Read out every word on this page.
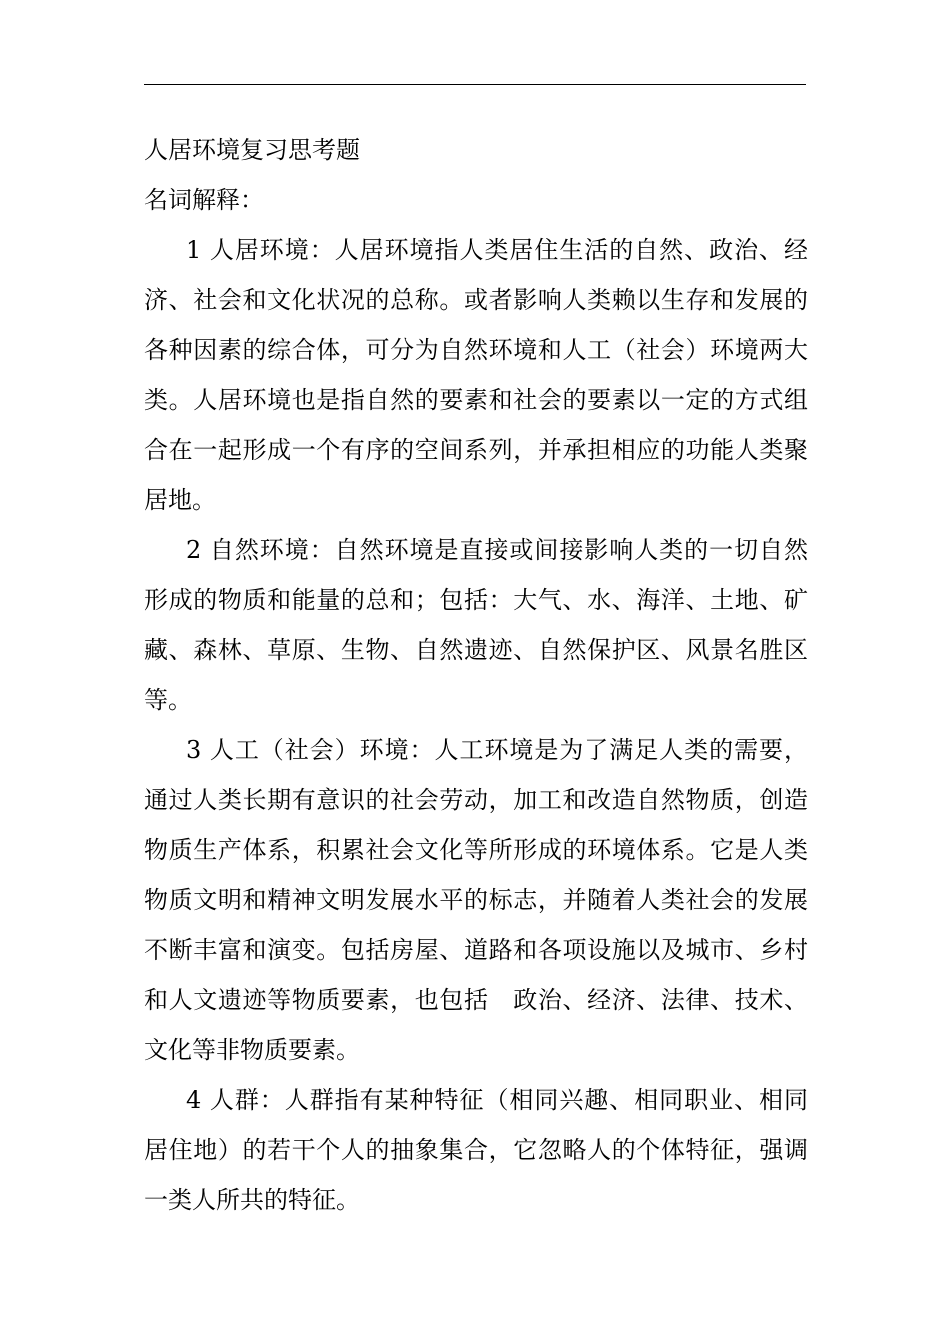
人居环境复习思考题
名词解释：

1 人居环境：人居环境指人类居住生活的自然、政治、经济、社会和文化状况的总称。或者影响人类赖以生存和发展的各种因素的综合体，可分为自然环境和人工（社会）环境两大类。人居环境也是指自然的要素和社会的要素以一定的方式组合在一起形成一个有序的空间系列，并承担相应的功能人类聚居地。

2 自然环境：自然环境是直接或间接影响人类的一切自然形成的物质和能量的总和；包括：大气、水、海洋、土地、矿藏、森林、草原、生物、自然遗迹、自然保护区、风景名胜区等。

3 人工（社会）环境：人工环境是为了满足人类的需要，通过人类长期有意识的社会劳动，加工和改造自然物质，创造物质生产体系，积累社会文化等所形成的环境体系。它是人类物质文明和精神文明发展水平的标志，并随着人类社会的发展不断丰富和演变。包括房屋、道路和各项设施以及城市、乡村和人文遗迹等物质要素，也包括　政治、经济、法律、技术、文化等非物质要素。

4 人群：人群指有某种特征（相同兴趣、相同职业、相同居住地）的若干个人的抽象集合，它忽略人的个体特征，强调一类人所共的特征。
